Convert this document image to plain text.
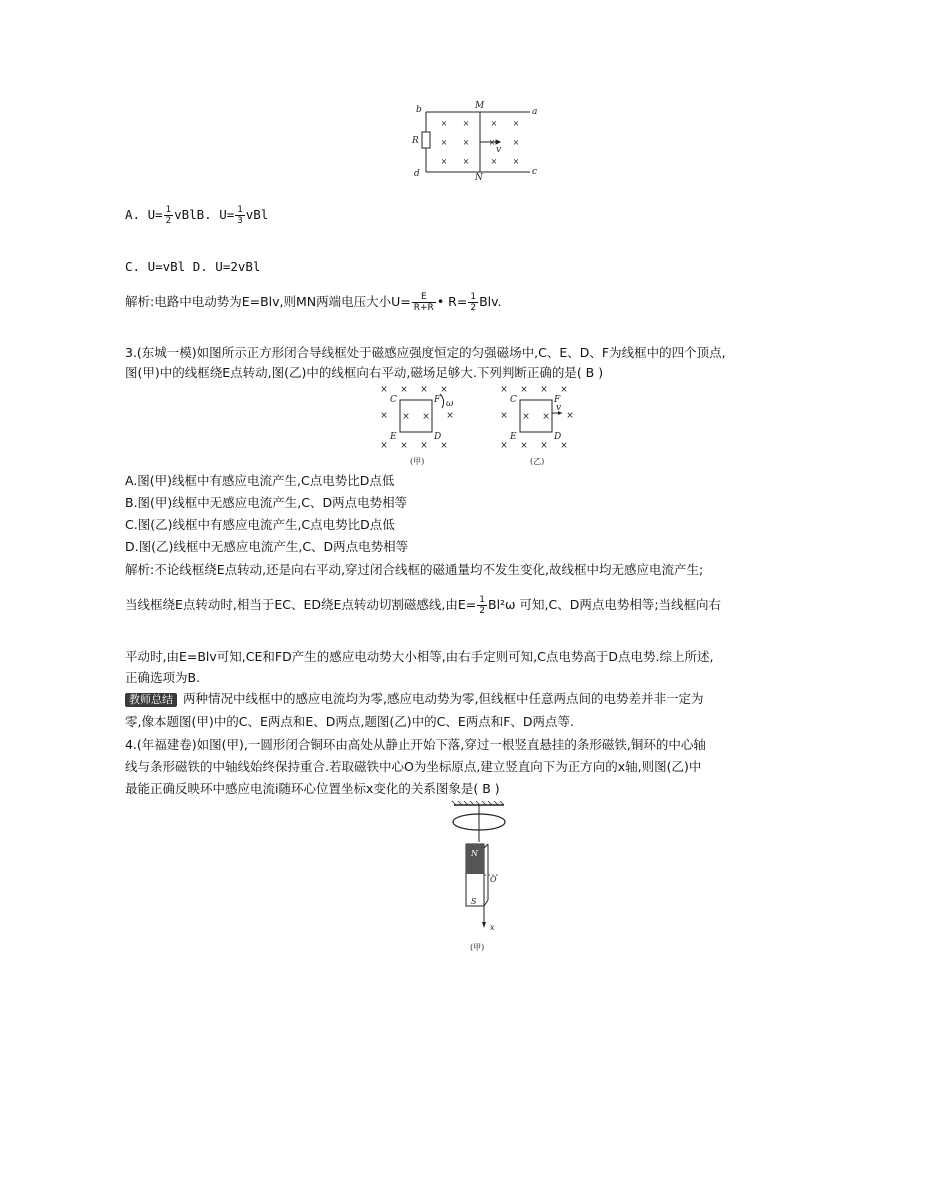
× ×	× ×
× × × ×
× ×	× ×
b	M
a
R
d	N
c
v
A. $U= \frac{1}{2}$ vBlB. $U= \frac{1}{3}$ vBl
C. U=vBl D. U=2vBl
解析:电路中电动势为E=Blv,则MN两端电压大小$U= \frac{E}{R+R}$ • $R= \frac{1}{2}$ Blv.
3.(东城一模)如图所示正方形闭合导线框处于磁感应强度恒定的匀强磁场中,C、E、D、F为线框中的四个顶点,
图(甲)中的线框绕E点转动,图(乙)中的线框向右平动,磁场足够大.下列判断正确的是( B )
× × × ×
× × × ×
× × × ×
C	F ω
E	D
(甲)
× × × ×
× × × ×
× × × ×
C	F
v
E	D
(乙)
A.图(甲)线框中有感应电流产生,C点电势比D点低
B.图(甲)线框中无感应电流产生,C、D两点电势相等
C.图(乙)线框中有感应电流产生,C点电势比D点低
D.图(乙)线框中无感应电流产生,C、D两点电势相等
解析:不论线框绕E点转动,还是向右平动,穿过闭合线框的磁通量均不发生变化,故线框中均无感应电流产生;
当线框绕E点转动时,相当于EC、ED绕E点转动切割磁感线,由$E= \frac{1}{2} Bl^2\omega$ 可知,C、D两点电势相等;当线框向右
平动时,由E=Blv可知,CE和FD产生的感应电动势大小相等,由右手定则可知,C点电势高于D点电势.综上所述,
正确选项为B.
教师总结 两种情况中线框中的感应电流均为零,感应电动势为零,但线框中任意两点间的电势差并非一定为
零,像本题图(甲)中的C、E两点和E、D两点,题图(乙)中的C、E两点和F、D两点等.
4.(年福建卷)如图(甲),一圆形闭合铜环由高处从静止开始下落,穿过一根竖直悬挂的条形磁铁,铜环的中心轴
线与条形磁铁的中轴线始终保持重合.若取磁铁中心O为坐标原点,建立竖直向下为正方向的x轴,则图(乙)中
最能正确反映环中感应电流i随环心位置坐标x变化的关系图象是( B )
N
S
O
x
(甲)
